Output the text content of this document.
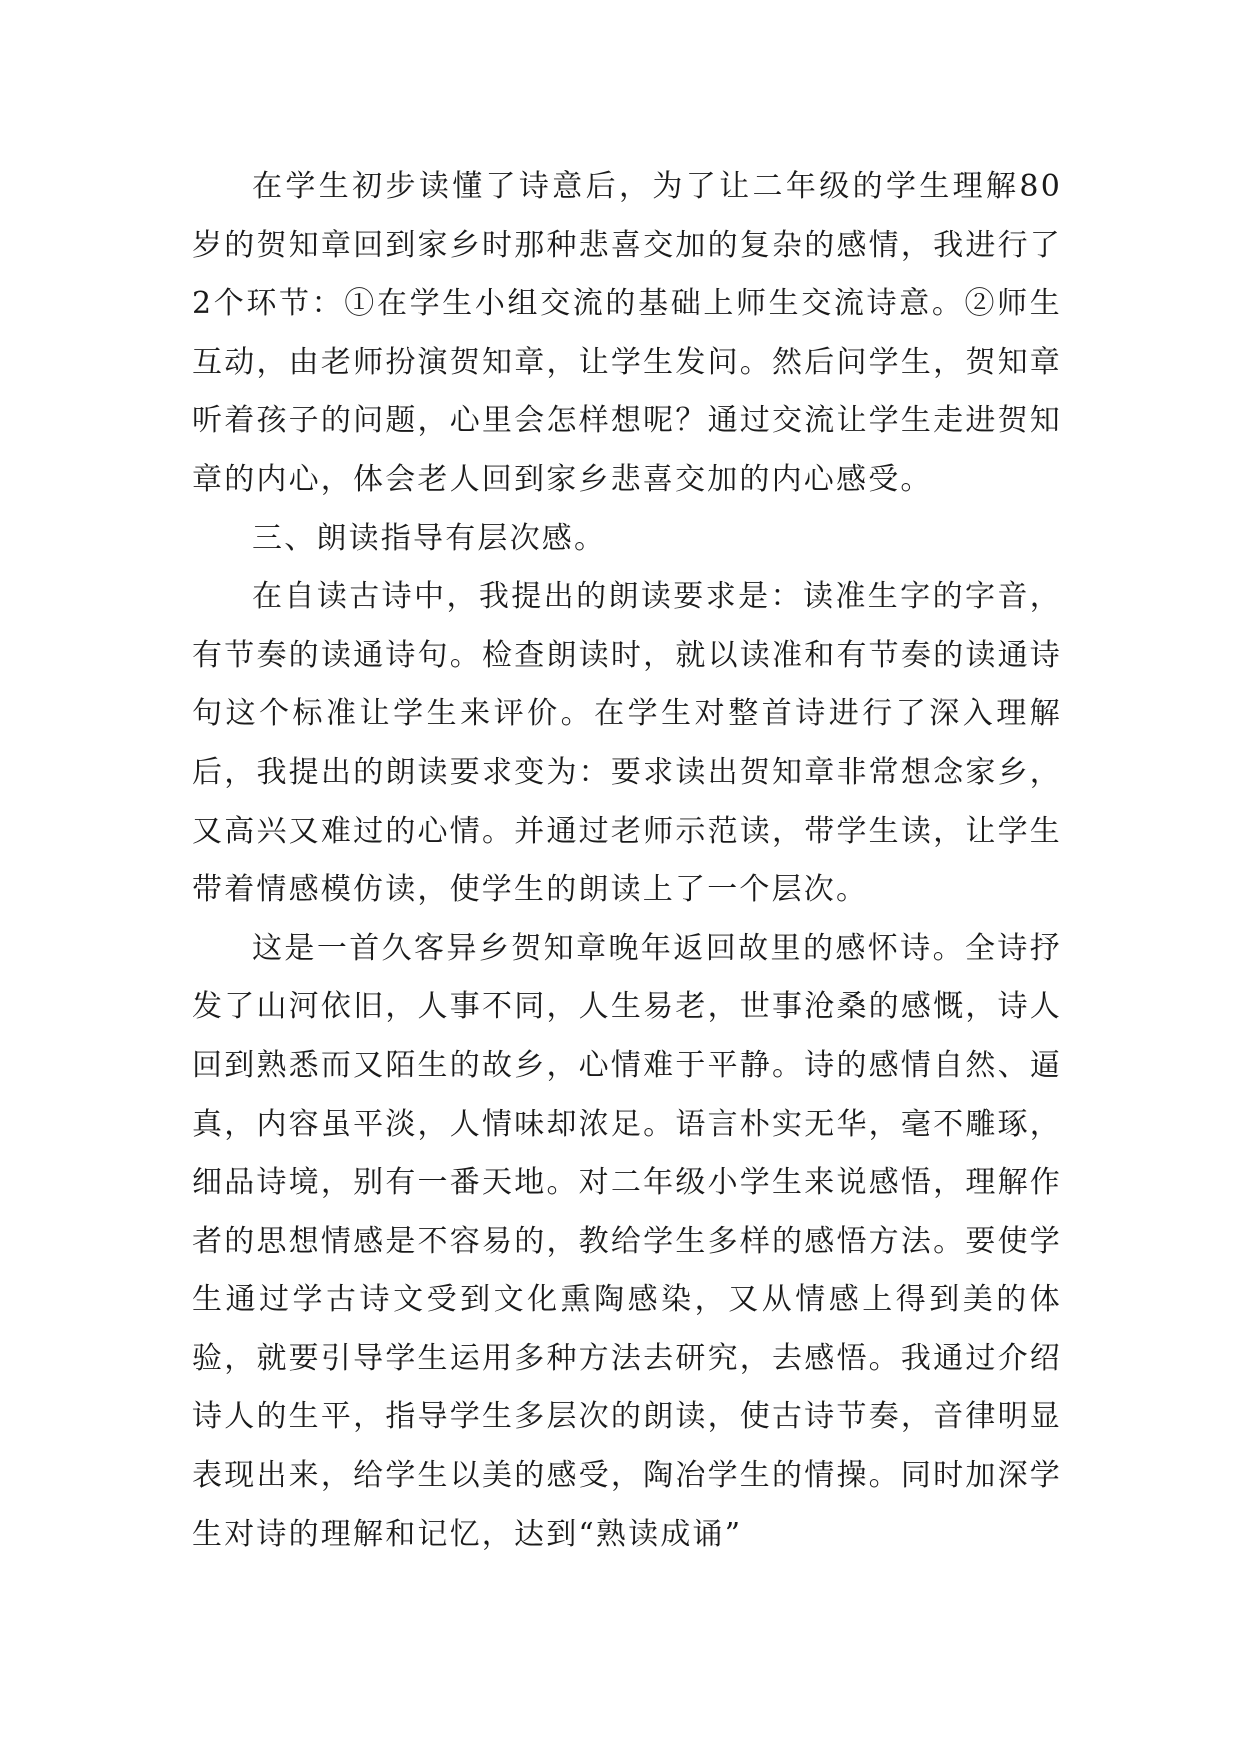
在学生初步读懂了诗意后，为了让二年级的学生理解80岁的贺知章回到家乡时那种悲喜交加的复杂的感情，我进行了2个环节：①在学生小组交流的基础上师生交流诗意。②师生互动，由老师扮演贺知章，让学生发问。然后问学生，贺知章听着孩子的问题，心里会怎样想呢？通过交流让学生走进贺知章的内心，体会老人回到家乡悲喜交加的内心感受。

三、朗读指导有层次感。

在自读古诗中，我提出的朗读要求是：读准生字的字音，有节奏的读通诗句。检查朗读时，就以读准和有节奏的读通诗句这个标准让学生来评价。在学生对整首诗进行了深入理解后，我提出的朗读要求变为：要求读出贺知章非常想念家乡，又高兴又难过的心情。并通过老师示范读，带学生读，让学生带着情感模仿读，使学生的朗读上了一个层次。

这是一首久客异乡贺知章晚年返回故里的感怀诗。全诗抒发了山河依旧，人事不同，人生易老，世事沧桑的感慨，诗人回到熟悉而又陌生的故乡，心情难于平静。诗的感情自然、逼真，内容虽平淡，人情味却浓足。语言朴实无华，毫不雕琢，细品诗境，别有一番天地。对二年级小学生来说感悟，理解作者的思想情感是不容易的，教给学生多样的感悟方法。要使学生通过学古诗文受到文化熏陶感染，又从情感上得到美的体验，就要引导学生运用多种方法去研究，去感悟。我通过介绍诗人的生平，指导学生多层次的朗读，使古诗节奏，音律明显表现出来，给学生以美的感受，陶冶学生的情操。同时加深学生对诗的理解和记忆，达到“熟读成诵”
